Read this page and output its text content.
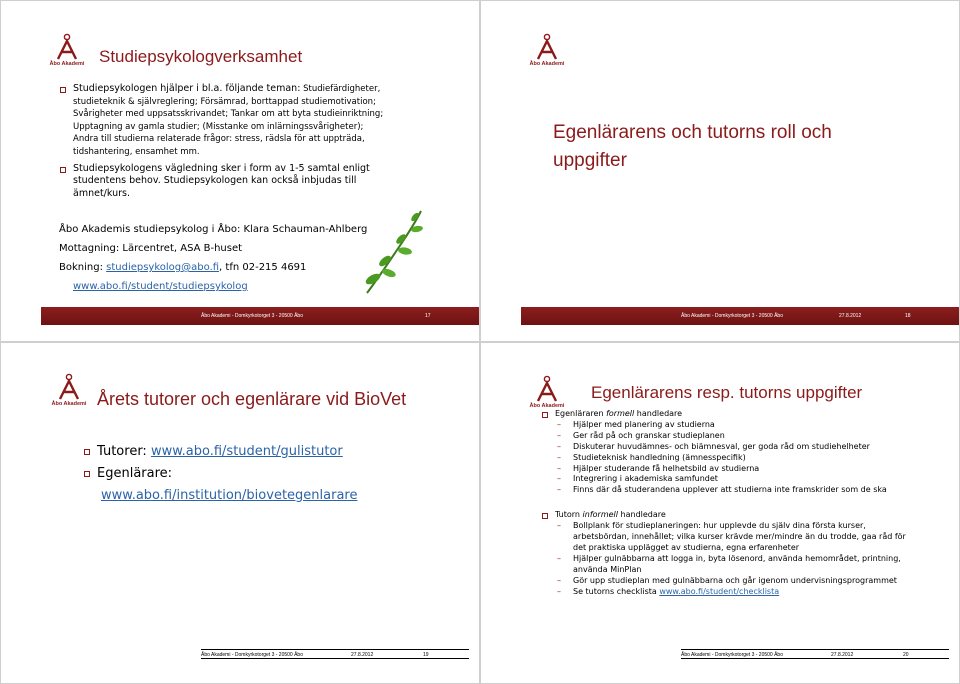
Åbo Akademi Studiepsykologverksamhet
Studiepsykologen hjälper i bl.a. följande teman: Studiefärdigheter, studieteknik & självreglering; Försämrad, borttappad studiemotivation; Svårigheter med uppsatsskrivandet; Tankar om att byta studieinriktning; Upptagning av gamla studier; (Misstanke om inlärningssvårigheter); Andra till studierna relaterade frågor: stress, rädsla för att uppträda, tidshantering, ensamhet mm.
Studiepsykologens vägledning sker i form av 1-5 samtal enligt studentens behov. Studiepsykologen kan också inbjudas till ämnet/kurs.
Åbo Akademis studiepsykolog i Åbo: Klara Schauman-Ahlberg
Mottagning: Lärcentret, ASA B-huset
Bokning: studiepsykolog@abo.fi, tfn 02-215 4691
www.abo.fi/student/studiepsykolog
Åbo Akademi - Domkyrkotorget 3 - 20500 Åbo	17
Åbo Akademi
Egenlärarens och tutorns roll och uppgifter
Åbo Akademi - Domkyrkotorget 3 - 20500 Åbo	27.8.2012	18
Åbo Akademi Årets tutorer och egenlärare vid BioVet
Tutorer: www.abo.fi/student/gulistutor
Egenlärare:
www.abo.fi/institution/biovetegenlarare
Åbo Akademi - Domkyrkotorget 3 - 20500 Åbo	27.8.2012	19
Åbo Akademi
Egenlärarens resp. tutorns uppgifter
Egenläraren formell handledare
– Hjälper med planering av studierna
– Ger råd på och granskar studieplanen
– Diskuterar huvudämnes- och biämnesval, ger goda råd om studiehelheter
– Studieteknisk handledning (ämnesspecifik)
– Hjälper studerande få helhetsbild av studierna
– Integrering i akademiska samfundet
– Finns där då studerandena upplever att studierna inte framskrider som de ska
Tutorn informell handledare
– Bollplank för studieplaneringen: hur upplevde du själv dina första kurser, arbetsbördan, innehållet; vilka kurser krävde mer/mindre än du trodde, gaa råd för det praktiska upplägget av studierna, egna erfarenheter
– Hjälper gulnäbbarna att logga in, byta lösenord, använda hemområdet, printning, använda MinPlan
– Gör upp studieplan med gulnäbbarna och går igenom undervisningsprogrammet
– Se tutorns checklista www.abo.fi/student/checklista
Åbo Akademi - Domkyrkotorget 3 - 20500 Åbo	27.8.2012	20
